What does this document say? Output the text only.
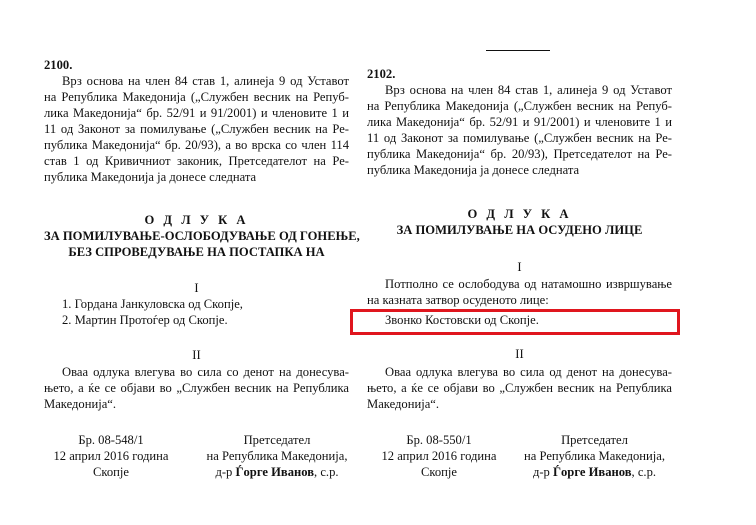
2100.
Врз основа на член 84 став 1, алинеја 9 од Уставот
на Република Македонија („Службен весник на Репуб-
лика Македонија“ бр. 52/91 и 91/2001) и членовите 1 и
11 од Законот за помилување („Службен весник на Ре-
публика Македонија“ бр. 20/93), а во врска со член 114
став 1 од Кривичниот законик, Претседателот на Ре-
публика Македонија ја донесе следната
О Д Л У К А
ЗА ПОМИЛУВАЊЕ-ОСЛОБОДУВАЊЕ ОД ГОНЕЊЕ,
БЕЗ СПРОВЕДУВАЊЕ НА ПОСТАПКА НА
I
1. Гордана Јанкуловска од Скопје,
2. Мартин Протоѓер од Скопје.
II
Оваа одлука влегува во сила со денот на донесува-
њето, а ќе се објави во „Службен весник на Република
Македонија“.
Бр. 08-548/1
12 април 2016 година
Скопје
Претседател
на Република Македонија,
д-р Ѓорге Иванов, с.р.
2102.
Врз основа на член 84 став 1, алинеја 9 од Уставот
на Република Македонија („Службен весник на Репуб-
лика Македонија“ бр. 52/91 и 91/2001) и членовите 1 и
11 од Законот за помилување („Службен весник на Ре-
публика Македонија“ бр. 20/93), Претседателот на Ре-
публика Македонија ја донесе следната
О Д Л У К А
ЗА ПОМИЛУВАЊЕ НА ОСУДЕНО ЛИЦЕ
I
Потполно се ослободува од натамошно извршување
на казната затвор осуденото лице:
Звонко Костовски од Скопје.
II
Оваа одлука влегува во сила од денот на донесува-
њето, а ќе се објави во „Службен весник на Република
Македонија“.
Бр. 08-550/1
12 април 2016 година
Скопје
Претседател
на Република Македонија,
д-р Ѓорге Иванов, с.р.
